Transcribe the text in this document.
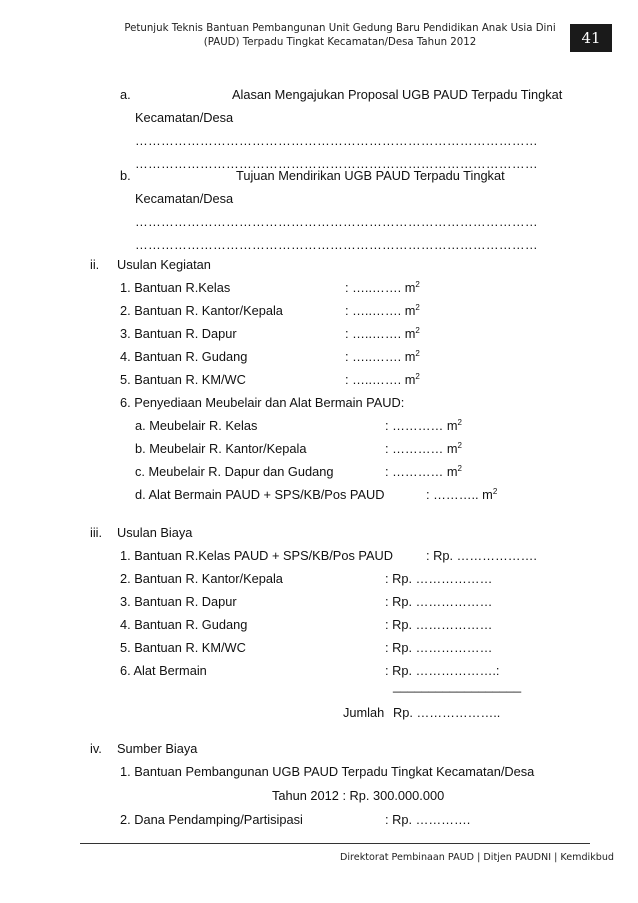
Petunjuk Teknis Bantuan Pembangunan Unit Gedung Baru Pendidikan Anak Usia Dini
(PAUD) Terpadu Tingkat Kecamatan/Desa Tahun 2012	41
a.	Alasan Mengajukan Proposal UGB PAUD Terpadu Tingkat
Kecamatan/Desa
…………………………………………………………………………………
…………………………………………………………………………………
b.	Tujuan Mendirikan UGB PAUD Terpadu Tingkat
Kecamatan/Desa
…………………………………………………………………………………
…………………………………………………………………………………
ii. Usulan Kegiatan
1. Bantuan R.Kelas	: …..……. $m^2$
2. Bantuan R. Kantor/Kepala	: …..……. $m^2$
3. Bantuan R. Dapur	: …..……. $m^2$
4. Bantuan R. Gudang	: …..……. $m^2$
5. Bantuan R. KM/WC	: …..……. $m^2$
6. Penyediaan Meubelair dan Alat Bermain PAUD:
a. Meubelair R. Kelas	: ………… $m^2$
b. Meubelair R. Kantor/Kepala	: ………… $m^2$
c. Meubelair R. Dapur dan Gudang	: ………… $m^2$
d. Alat Bermain PAUD + SPS/KB/Pos PAUD	: ……….. $m^2$
iii. Usulan Biaya
1. Bantuan R.Kelas PAUD + SPS/KB/Pos PAUD	: Rp. ……………….
2. Bantuan R. Kantor/Kepala	: Rp. ………………
3. Bantuan R. Dapur	: Rp. ………………
4. Bantuan R. Gudang	: Rp. ………………
5. Bantuan R. KM/WC	: Rp. ………………
6. Alat Bermain	: Rp. ……………….:
__________________
Jumlah Rp. ………………..
iv. Sumber Biaya
1. Bantuan Pembangunan UGB PAUD Terpadu Tingkat Kecamatan/Desa
Tahun 2012 : Rp. 300.000.000
2. Dana Pendamping/Partisipasi	: Rp. ………….
Direktorat Pembinaan PAUD | Ditjen PAUDNI | Kemdikbud
